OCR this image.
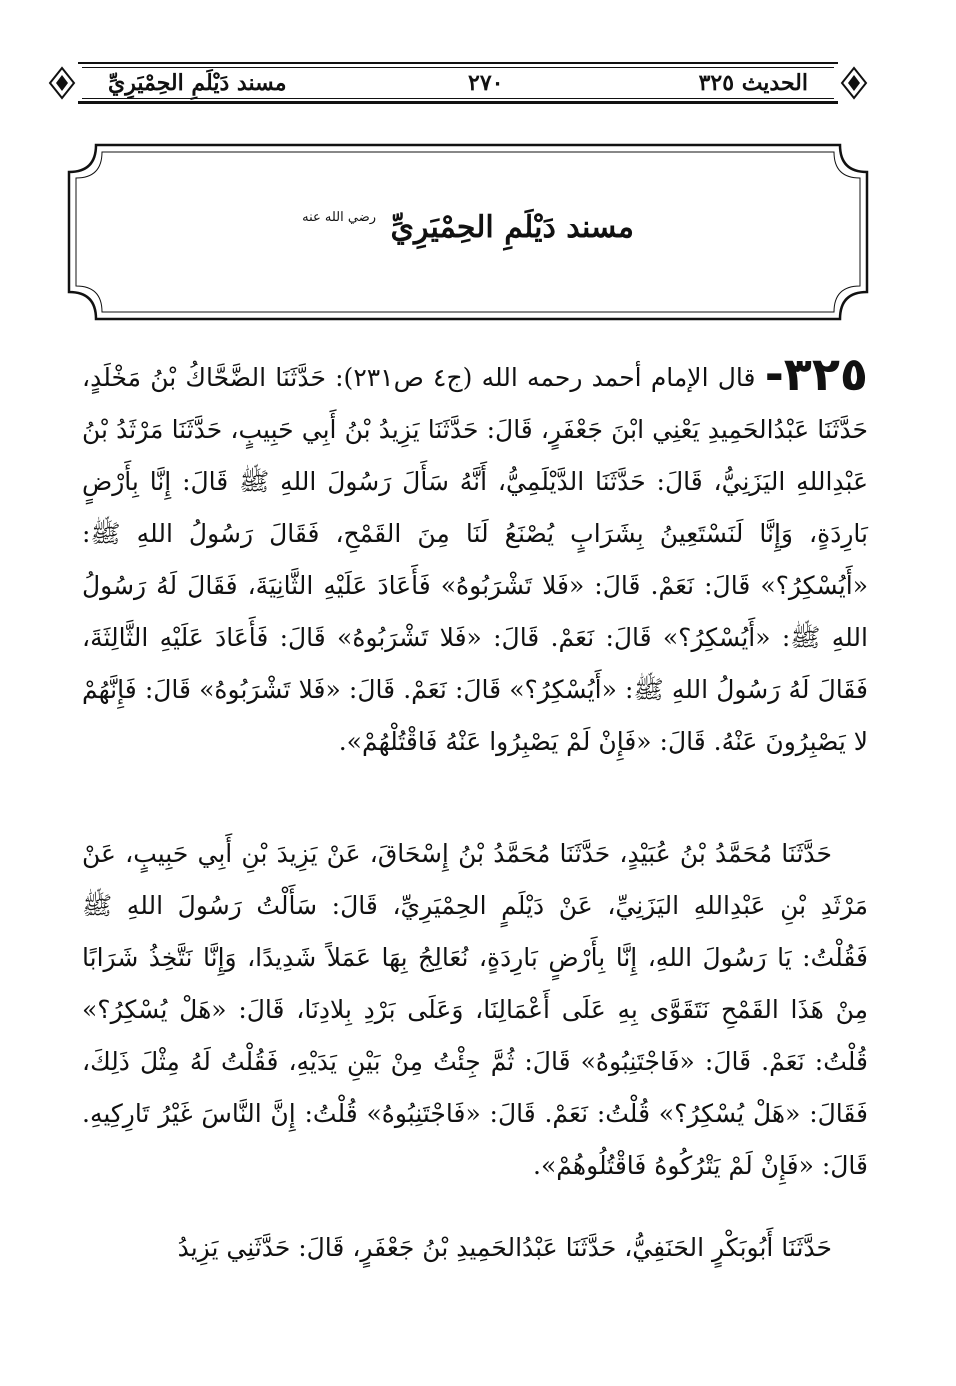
الحديث ٣٢٥
٢٧٠
مسند دَيْلَمِ الحِمْيَرِيِّ
مسند دَيْلَمِ الحِمْيَرِيِّ $^{رضي الله عنه}$
٣٢٥- قال الإمام أحمد رحمه الله (ج٤ ص٢٣١): حَدَّثَنَا الضَّحَّاكُ بْنُ مَخْلَدٍ، حَدَّثَنَا عَبْدُالحَمِيدِ يَعْنِي ابْنَ جَعْفَرٍ، قَالَ: حَدَّثَنَا يَزِيدُ بْنُ أَبِي حَبِيبٍ، حَدَّثَنَا مَرْثَدُ بْنُ عَبْدِاللهِ اليَزَنِيُّ، قَالَ: حَدَّثَنَا الدَّيْلَمِيُّ، أَنَّهُ سَأَلَ رَسُولَ اللهِ ﷺ قَالَ: إِنَّا بِأَرْضٍ بَارِدَةٍ، وَإِنَّا لَنَسْتَعِينُ بِشَرَابٍ يُصْنَعُ لَنَا مِنَ القَمْحِ، فَقَالَ رَسُولُ اللهِ ﷺ: «أَيُسْكِرُ؟» قَالَ: نَعَمْ. قَالَ: «فَلا تَشْرَبُوهُ» فَأَعَادَ عَلَيْهِ الثَّانِيَةَ، فَقَالَ لَهُ رَسُولُ اللهِ ﷺ: «أَيُسْكِرُ؟» قَالَ: نَعَمْ. قَالَ: «فَلا تَشْرَبُوهُ» قَالَ: فَأَعَادَ عَلَيْهِ الثَّالِثَةَ، فَقَالَ لَهُ رَسُولُ اللهِ ﷺ: «أَيُسْكِرُ؟» قَالَ: نَعَمْ. قَالَ: «فَلا تَشْرَبُوهُ» قَالَ: فَإِنَّهُمْ لا يَصْبِرُونَ عَنْهُ. قَالَ: «فَإِنْ لَمْ يَصْبِرُوا عَنْهُ فَاقْتُلْهُمْ».
حَدَّثَنَا مُحَمَّدُ بْنُ عُبَيْدٍ، حَدَّثَنَا مُحَمَّدُ بْنُ إِسْحَاقَ، عَنْ يَزِيدَ بْنِ أَبِي حَبِيبٍ، عَنْ مَرْثَدِ بْنِ عَبْدِاللهِ اليَزَنِيِّ، عَنْ دَيْلَمٍ الحِمْيَرِيِّ، قَالَ: سَأَلْتُ رَسُولَ اللهِ ﷺ فَقُلْتُ: يَا رَسُولَ اللهِ، إِنَّا بِأَرْضٍ بَارِدَةٍ، نُعَالِجُ بِهَا عَمَلاً شَدِيدًا، وَإِنَّا نَتَّخِذُ شَرَابًا مِنْ هَذَا القَمْحِ نَتَقَوَّى بِهِ عَلَى أَعْمَالِنَا، وَعَلَى بَرْدِ بِلادِنَا، قَالَ: «هَلْ يُسْكِرُ؟» قُلْتُ: نَعَمْ. قَالَ: «فَاجْتَنِبُوهُ» قَالَ: ثُمَّ جِئْتُ مِنْ بَيْنِ يَدَيْهِ، فَقُلْتُ لَهُ مِثْلَ ذَلِكَ، فَقَالَ: «هَلْ يُسْكِرُ؟» قُلْتُ: نَعَمْ. قَالَ: «فَاجْتَنِبُوهُ» قُلْتُ: إِنَّ النَّاسَ غَيْرُ تَارِكِيهِ. قَالَ: «فَإِنْ لَمْ يَتْرُكُوهُ فَاقْتُلُوهُمْ».
حَدَّثَنَا أَبُوبَكْرٍ الحَنَفِيُّ، حَدَّثَنَا عَبْدُالحَمِيدِ بْنُ جَعْفَرٍ، قَالَ: حَدَّثَنِي يَزِيدُ
